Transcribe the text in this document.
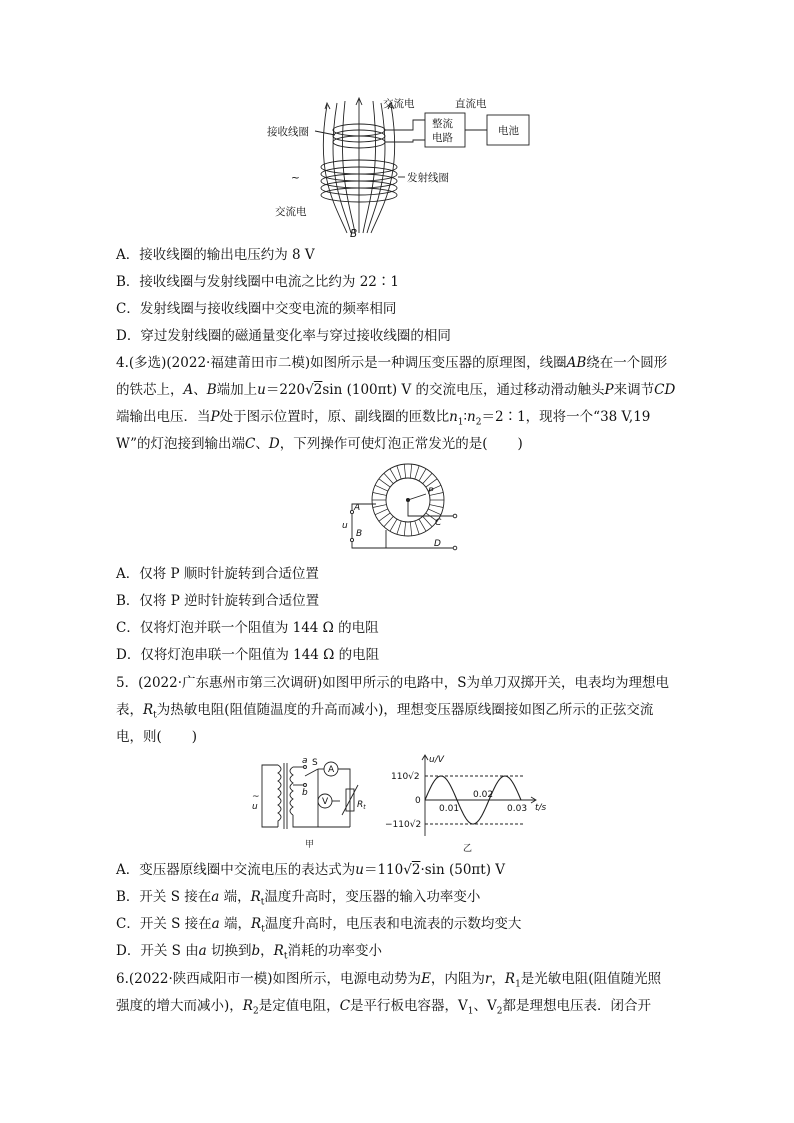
交流电	直流电
接收线圈
整流
电路
电池
~	发射线圈
交流电
B
A．接收线圈的输出电压约为 8 V
B．接收线圈与发射线圈中电流之比约为 22∶1
C．发射线圈与接收线圈中交变电流的频率相同
D．穿过发射线圈的磁通量变化率与穿过接收线圈的相同
4.(多选)(2022·福建莆田市二模)如图所示是一种调压变压器的原理图，线圈AB绕在一个圆形
的铁芯上，A、B端加上u＝220√2sin (100πt) V 的交流电压，通过移动滑动触头P来调节CD
端输出电压．当P处于图示位置时，原、副线圈的匝数比$n_1∶n_2=2∶1$，现将一个“38 V,19
W”的灯泡接到输出端C、D，下列操作可使灯泡正常发光的是( )
A
u
B
P
C
D
A．仅将 P 顺时针旋转到合适位置
B．仅将 P 逆时针旋转到合适位置
C．仅将灯泡并联一个阻值为 144 Ω 的电阻
D．仅将灯泡串联一个阻值为 144 Ω 的电阻
5．(2022·广东惠州市第三次调研)如图甲所示的电路中，S为单刀双掷开关，电表均为理想电
表，$R_t$为热敏电阻(阻值随温度的升高而减小)，理想变压器原线圈接如图乙所示的正弦交流
电，则( )
a
b
S
A
V	$R_t$
~
u
甲
u/V
t/s
110√2
0
−110√2
0.01
0.02
0.03
乙
A．变压器原线圈中交流电压的表达式为u＝110√2·sin (50πt) V
B．开关 S 接在a 端，$R_t$温度升高时，变压器的输入功率变小
C．开关 S 接在a 端，$R_t$温度升高时，电压表和电流表的示数均变大
D．开关 S 由a 切换到b，$R_t$消耗的功率变小
6.(2022·陕西咸阳市一模)如图所示，电源电动势为E，内阻为r，$R_1$是光敏电阻(阻值随光照
强度的增大而减小)，$R_2$是定值电阻，C是平行板电容器，$V_1$、$V_2$都是理想电压表．闭合开
